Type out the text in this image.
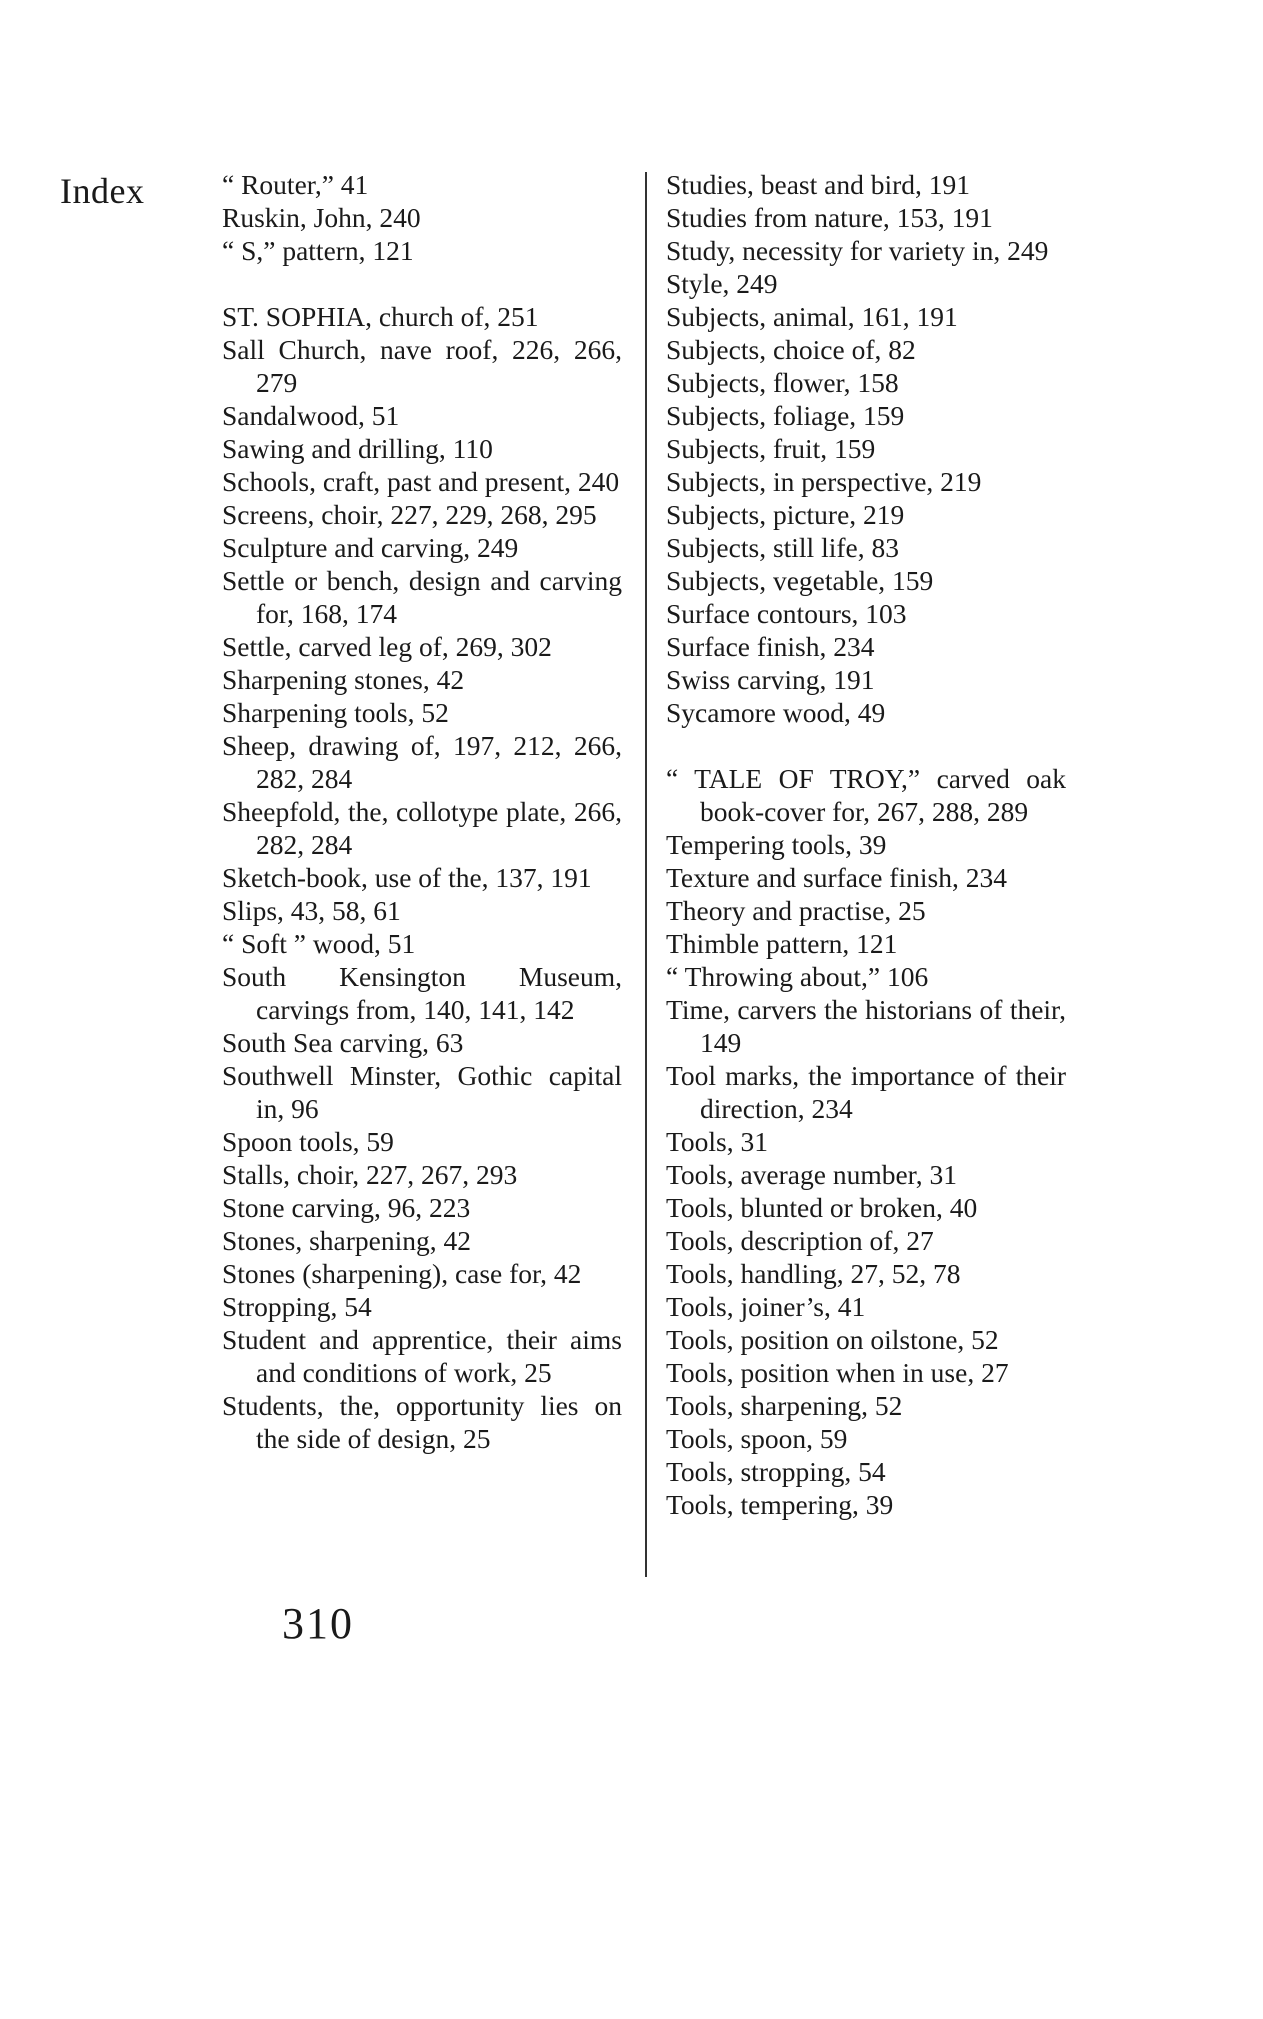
Index	“ Router,” 41

Ruskin, John, 240

“ S,” pattern, 121

ST. SOPHIA, church of, 251

Sall Church, nave roof, 226, 266, 279

Sandalwood, 51

Sawing and drilling, 110

Schools, craft, past and present, 240

Screens, choir, 227, 229, 268, 295

Sculpture and carving, 249

Settle or bench, design and carving for, 168, 174

Settle, carved leg of, 269, 302

Sharpening stones, 42

Sharpening tools, 52

Sheep, drawing of, 197, 212, 266, 282, 284

Sheepfold, the, collotype plate, 266, 282, 284

Sketch-book, use of the, 137, 191

Slips, 43, 58, 61

“ Soft ” wood, 51

South Kensington Museum, carvings from, 140, 141, 142

South Sea carving, 63

Southwell Minster, Gothic capital in, 96

Spoon tools, 59

Stalls, choir, 227, 267, 293

Stone carving, 96, 223

Stones, sharpening, 42

Stones (sharpening), case for, 42

Stropping, 54

Student and apprentice, their aims and conditions of work, 25

Students, the, opportunity lies on the side of design, 25

Studies, beast and bird, 191

Studies from nature, 153, 191

Study, necessity for variety in, 249

Style, 249

Subjects, animal, 161, 191

Subjects, choice of, 82

Subjects, flower, 158

Subjects, foliage, 159

Subjects, fruit, 159

Subjects, in perspective, 219

Subjects, picture, 219

Subjects, still life, 83

Subjects, vegetable, 159

Surface contours, 103

Surface finish, 234

Swiss carving, 191

Sycamore wood, 49

“ TALE OF TROY,” carved oak book-cover for, 267, 288, 289

Tempering tools, 39

Texture and surface finish, 234

Theory and practise, 25

Thimble pattern, 121

“ Throwing about,” 106

Time, carvers the historians of their, 149

Tool marks, the importance of their direction, 234

Tools, 31

Tools, average number, 31

Tools, blunted or broken, 40

Tools, description of, 27

Tools, handling, 27, 52, 78

Tools, joiner’s, 41

Tools, position on oilstone, 52

Tools, position when in use, 27

Tools, sharpening, 52

Tools, spoon, 59

Tools, stropping, 54

Tools, tempering, 39

310
